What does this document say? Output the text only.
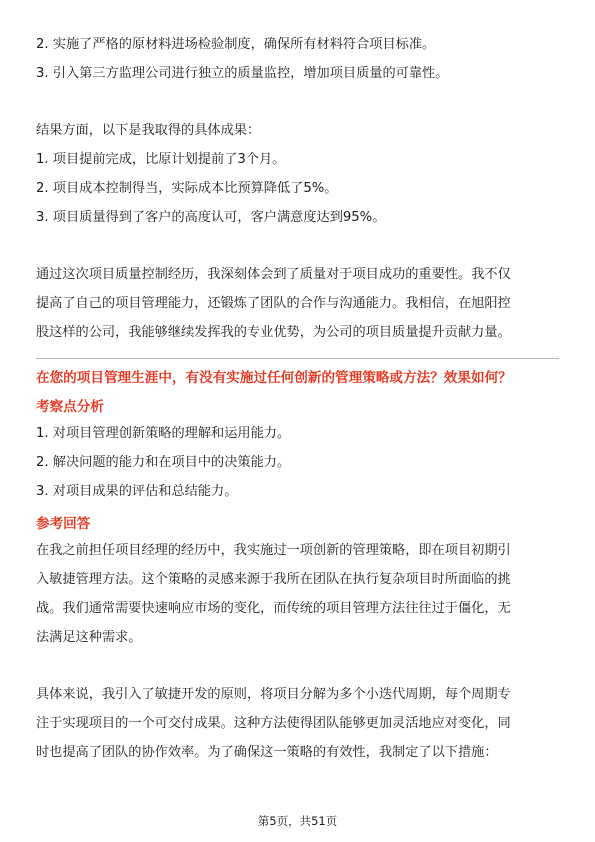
2. 实施了严格的原材料进场检验制度，确保所有材料符合项目标准。
3. 引入第三方监理公司进行独立的质量监控，增加项目质量的可靠性。
结果方面，以下是我取得的具体成果：
1. 项目提前完成，比原计划提前了3个月。
2. 项目成本控制得当，实际成本比预算降低了5%。
3. 项目质量得到了客户的高度认可，客户满意度达到95%。
通过这次项目质量控制经历，我深刻体会到了质量对于项目成功的重要性。我不仅
提高了自己的项目管理能力，还锻炼了团队的合作与沟通能力。我相信，在旭阳控
股这样的公司，我能够继续发挥我的专业优势，为公司的项目质量提升贡献力量。
在您的项目管理生涯中，有没有实施过任何创新的管理策略或方法？效果如何？
考察点分析
1. 对项目管理创新策略的理解和运用能力。
2. 解决问题的能力和在项目中的决策能力。
3. 对项目成果的评估和总结能力。
参考回答
在我之前担任项目经理的经历中，我实施过一项创新的管理策略，即在项目初期引
入敏捷管理方法。这个策略的灵感来源于我所在团队在执行复杂项目时所面临的挑
战。我们通常需要快速响应市场的变化，而传统的项目管理方法往往过于僵化，无
法满足这种需求。
具体来说，我引入了敏捷开发的原则，将项目分解为多个小迭代周期，每个周期专
注于实现项目的一个可交付成果。这种方法使得团队能够更加灵活地应对变化，同
时也提高了团队的协作效率。为了确保这一策略的有效性，我制定了以下措施：
第5页，共51页
